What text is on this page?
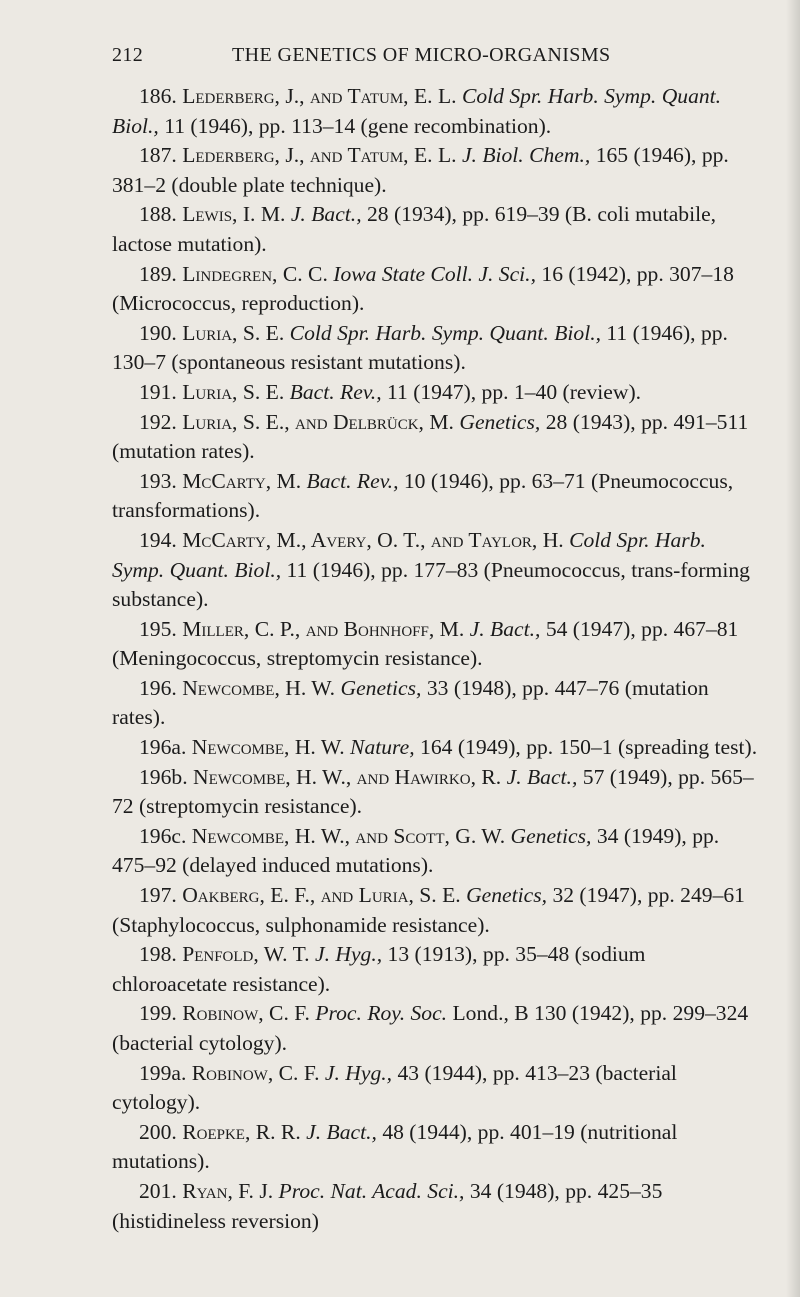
212	THE GENETICS OF MICRO-ORGANISMS

186. Lederberg, J., and Tatum, E. L. Cold Spr. Harb. Symp. Quant. Biol., 11 (1946), pp. 113–14 (gene recombination).

187. Lederberg, J., and Tatum, E. L. J. Biol. Chem., 165 (1946), pp. 381–2 (double plate technique).

188. Lewis, I. M. J. Bact., 28 (1934), pp. 619–39 (B. coli mutabile, lactose mutation).

189. Lindegren, C. C. Iowa State Coll. J. Sci., 16 (1942), pp. 307–18 (Micrococcus, reproduction).

190. Luria, S. E. Cold Spr. Harb. Symp. Quant. Biol., 11 (1946), pp. 130–7 (spontaneous resistant mutations).

191. Luria, S. E. Bact. Rev., 11 (1947), pp. 1–40 (review).

192. Luria, S. E., and Delbrück, M. Genetics, 28 (1943), pp. 491–511 (mutation rates).

193. McCarty, M. Bact. Rev., 10 (1946), pp. 63–71 (Pneumococcus, transformations).

194. McCarty, M., Avery, O. T., and Taylor, H. Cold Spr. Harb. Symp. Quant. Biol., 11 (1946), pp. 177–83 (Pneumococcus, trans-forming substance).

195. Miller, C. P., and Bohnhoff, M. J. Bact., 54 (1947), pp. 467–81 (Meningococcus, streptomycin resistance).

196. Newcombe, H. W. Genetics, 33 (1948), pp. 447–76 (mutation rates).

196a. Newcombe, H. W. Nature, 164 (1949), pp. 150–1 (spreading test).

196b. Newcombe, H. W., and Hawirko, R. J. Bact., 57 (1949), pp. 565–72 (streptomycin resistance).

196c. Newcombe, H. W., and Scott, G. W. Genetics, 34 (1949), pp. 475–92 (delayed induced mutations).

197. Oakberg, E. F., and Luria, S. E. Genetics, 32 (1947), pp. 249–61 (Staphylococcus, sulphonamide resistance).

198. Penfold, W. T. J. Hyg., 13 (1913), pp. 35–48 (sodium chloroacetate resistance).

199. Robinow, C. F. Proc. Roy. Soc. Lond., B 130 (1942), pp. 299–324 (bacterial cytology).

199a. Robinow, C. F. J. Hyg., 43 (1944), pp. 413–23 (bacterial cytology).

200. Roepke, R. R. J. Bact., 48 (1944), pp. 401–19 (nutritional mutations).

201. Ryan, F. J. Proc. Nat. Acad. Sci., 34 (1948), pp. 425–35 (histidineless reversion)
